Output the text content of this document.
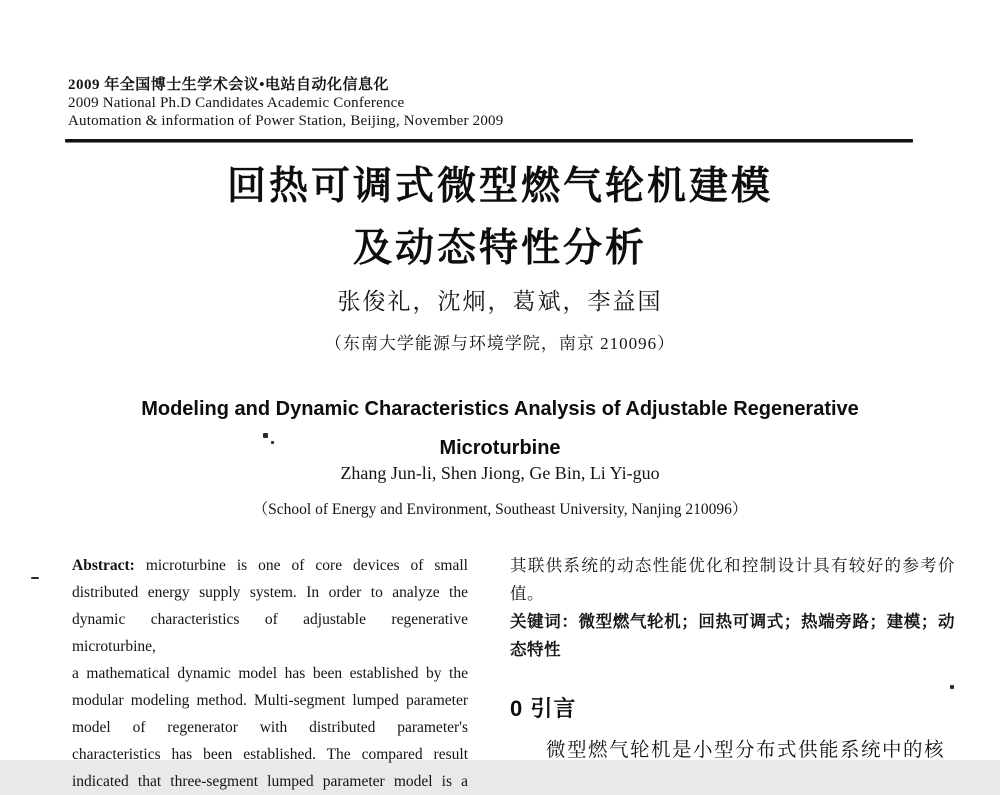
2009 年全国博士生学术会议•电站自动化信息化
2009 National Ph.D Candidates Academic Conference
Automation & information of Power Station, Beijing, November 2009
回热可调式微型燃气轮机建模
及动态特性分析
张俊礼，沈炯，葛斌，李益国
（东南大学能源与环境学院，南京 210096）
Modeling and Dynamic Characteristics Analysis of Adjustable Regenerative
Microturbine
Zhang Jun-li, Shen Jiong, Ge Bin, Li Yi-guo
（School of Energy and Environment, Southeast University, Nanjing 210096）
Abstract: microturbine is one of core devices of small
distributed energy supply system. In order to analyze the
dynamic characteristics of adjustable regenerative microturbine,
a mathematical dynamic model has been established by the
modular modeling method. Multi-segment lumped parameter
model of regenerator with distributed parameter's
characteristics has been established. The compared result
indicated that three-segment lumped parameter model is a
其联供系统的动态性能优化和控制设计具有较好的参考价
值。
关键词：微型燃气轮机；回热可调式；热端旁路；建模；动
态特性
0 引言
微型燃气轮机是小型分布式供能系统中的核
